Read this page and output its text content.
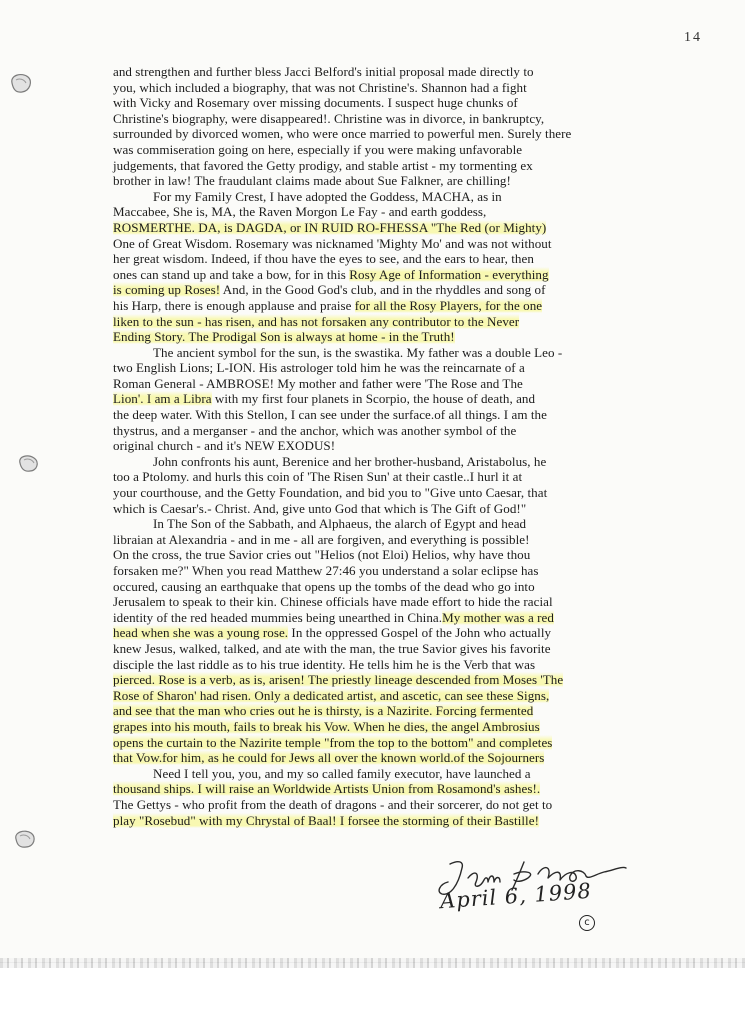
14
and strengthen and further bless Jacci Belford's initial proposal made directly to
you, which included a biography, that was not Christine's. Shannon had a fight
with Vicky and Rosemary over missing documents. I suspect huge chunks of
Christine's biography, were disappeared!. Christine was in divorce, in bankruptcy,
surrounded by divorced women, who were once married to powerful men. Surely there
was commiseration going on here, especially if you were making unfavorable
judgements, that favored the Getty prodigy, and stable artist - my tormenting ex
brother in law! The fraudulant claims made about Sue Falkner, are chilling!
For my Family Crest, I have adopted the Goddess, MACHA, as in
Maccabee, She is, MA, the Raven Morgon Le Fay - and earth goddess,
ROSMERTHE. DA, is DAGDA, or IN RUID RO-FHESSA "The Red (or Mighty)
One of Great Wisdom. Rosemary was nicknamed 'Mighty Mo' and was not without
her great wisdom. Indeed, if thou have the eyes to see, and the ears to hear, then
ones can stand up and take a bow, for in this Rosy Age of Information - everything
is coming up Roses! And, in the Good God's club, and in the rhyddles and song of
his Harp, there is enough applause and praise for all the Rosy Players, for the one
liken to the sun - has risen, and has not forsaken any contributor to the Never
Ending Story. The Prodigal Son is always at home - in the Truth!
The ancient symbol for the sun, is the swastika. My father was a double Leo -
two English Lions; L-ION. His astrologer told him he was the reincarnate of a
Roman General - AMBROSE! My mother and father were 'The Rose and The
Lion'. I am a Libra with my first four planets in Scorpio, the house of death, and
the deep water. With this Stellon, I can see under the surface.of all things. I am the
thystrus, and a merganser - and the anchor, which was another symbol of the
original church - and it's NEW EXODUS!
John confronts his aunt, Berenice and her brother-husband, Aristabolus, he
too a Ptolomy. and hurls this coin of 'The Risen Sun' at their castle..I hurl it at
your courthouse, and the Getty Foundation, and bid you to "Give unto Caesar, that
which is Caesar's.- Christ. And, give unto God that which is The Gift of God!"
In The Son of the Sabbath, and Alphaeus, the alarch of Egypt and head
libraian at Alexandria - and in me - all are forgiven, and everything is possible!
On the cross, the true Savior cries out "Helios (not Eloi) Helios, why have thou
forsaken me?" When you read Matthew 27:46 you understand a solar eclipse has
occured, causing an earthquake that opens up the tombs of the dead who go into
Jerusalem to speak to their kin. Chinese officials have made effort to hide the racial
identity of the red headed mummies being unearthed in China.My mother was a red
head when she was a young rose. In the oppressed Gospel of the John who actually
knew Jesus, walked, talked, and ate with the man, the true Savior gives his favorite
disciple the last riddle as to his true identity. He tells him he is the Verb that was
pierced. Rose is a verb, as is, arisen! The priestly lineage descended from Moses 'The
Rose of Sharon' had risen. Only a dedicated artist, and ascetic, can see these Signs,
and see that the man who cries out he is thirsty, is a Nazirite. Forcing fermented
grapes into his mouth, fails to break his Vow. When he dies, the angel Ambrosius
opens the curtain to the Nazirite temple "from the top to the bottom" and completes
that Vow.for him, as he could for Jews all over the known world.of the Sojourners
Need I tell you, you, and my so called family executor, have launched a
thousand ships. I will raise an Worldwide Artists Union from Rosamond's ashes!.
The Gettys - who profit from the death of dragons - and their sorcerer, do not get to
play "Rosebud" with my Chrystal of Baal! I forsee the storming of their Bastille!
April 6, 1998
c
